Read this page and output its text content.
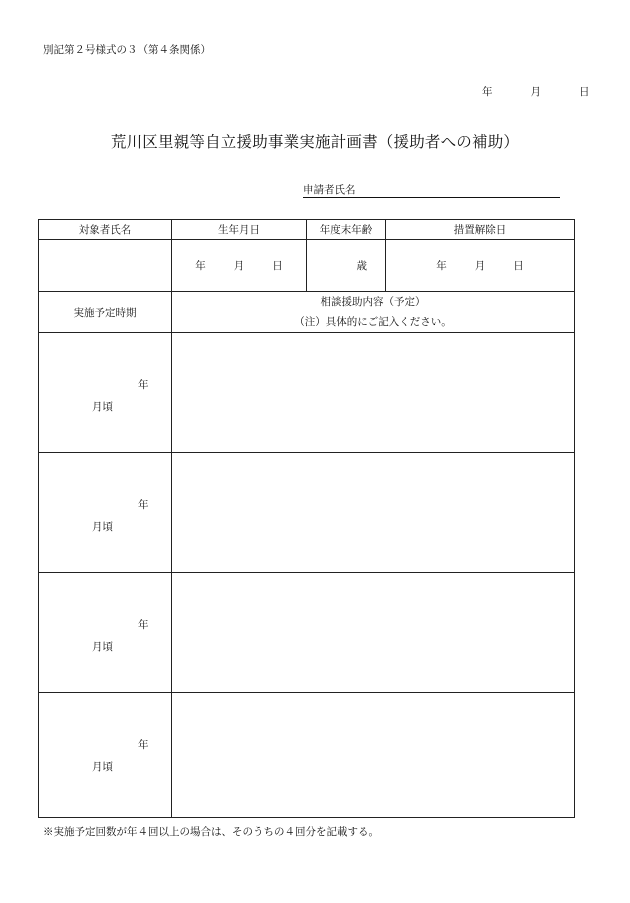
別記第２号様式の３（第４条関係）
年	月	日
荒川区里親等自立援助事業実施計画書（援助者への補助）
申請者氏名
対象者氏名	生年月日	年度末年齢	措置解除日
	年 月 日	歳	年 月 日
実施予定時期	相談援助内容（予定）
（注）具体的にご記入ください。		

年
月頃			

年
月頃			

年
月頃			

年
月頃			

※実施予定回数が年４回以上の場合は、そのうちの４回分を記載する。
